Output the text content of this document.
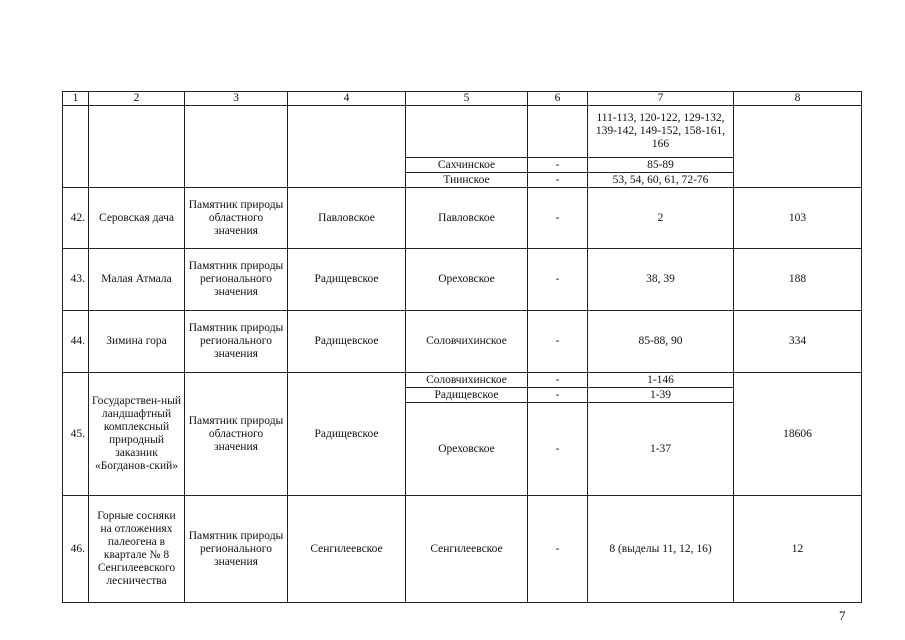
1	2	3	4	5	6	7	8
						111-113, 120-122, 129-132, 139-142, 149-152, 158-161, 166	
				Сахчинское	-	85-89	
				Тиинское	-	53, 54, 60, 61, 72-76	
42.	Серовская дача	Памятник природы областного значения	Павловское	Павловское	-	2	103
43.	Малая Атмала	Памятник природы регионального значения	Радищевское	Ореховское	-	38, 39	188
44.	Зимина гора	Памятник природы регионального значения	Радищевское	Соловчихинское	-	85-88, 90	334
45.	Государствен-ный ландшафтный комплексный природный заказник «Богданов-ский»	Памятник природы областного значения	Радищевское	Соловчихинское	-	1-146	18606
				Радищевское	-	1-39	
				Ореховское	-	1-37	
46.	Горные сосняки на отложениях палеогена в квартале № 8 Сенгилеевского лесничества	Памятник природы регионального значения	Сенгилеевское	Сенгилеевское	-	8 (выделы 11, 12, 16)	12
7
